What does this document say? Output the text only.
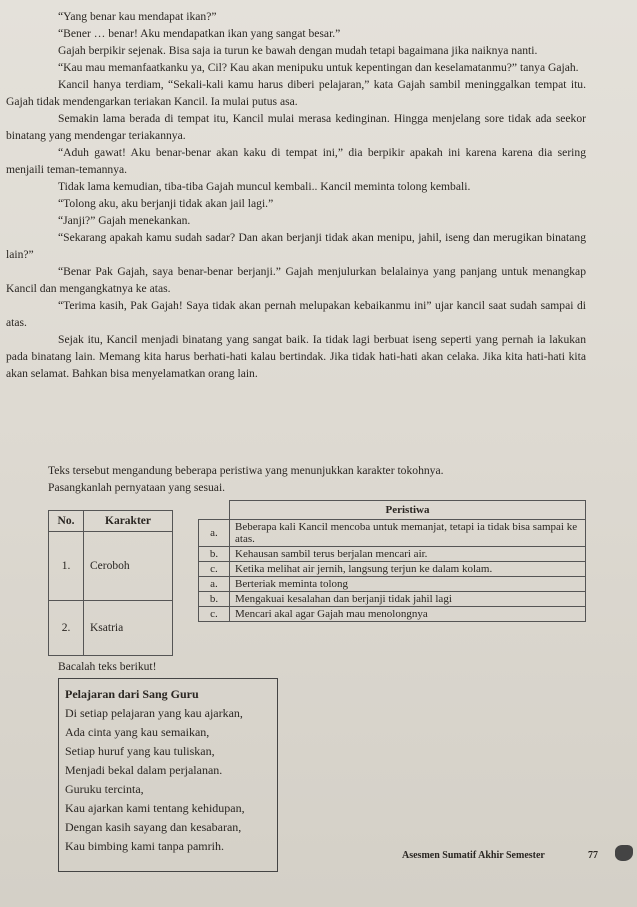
“Yang benar kau mendapat ikan?”

“Bener … benar! Aku mendapatkan ikan yang sangat besar.”

Gajah berpikir sejenak. Bisa saja ia turun ke bawah dengan mudah tetapi bagaimana jika naiknya nanti.

“Kau mau memanfaatkanku ya, Cil? Kau akan menipuku untuk kepentingan dan keselamatanmu?” tanya Gajah.

Kancil hanya terdiam, “Sekali-kali kamu harus diberi pelajaran,” kata Gajah sambil meninggalkan tempat itu. Gajah tidak mendengarkan teriakan Kancil. Ia mulai putus asa.

Semakin lama berada di tempat itu, Kancil mulai merasa kedinginan. Hingga menjelang sore tidak ada seekor binatang yang mendengar teriakannya.

“Aduh gawat! Aku benar-benar akan kaku di tempat ini,” dia berpikir apakah ini karena karena dia sering menjaili teman-temannya.

Tidak lama kemudian, tiba-tiba Gajah muncul kembali.. Kancil meminta tolong kembali.

“Tolong aku, aku berjanji tidak akan jail lagi.”

“Janji?” Gajah menekankan.

“Sekarang apakah kamu sudah sadar? Dan akan berjanji tidak akan menipu, jahil, iseng dan merugikan binatang lain?”

“Benar Pak Gajah, saya benar-benar berjanji.” Gajah menjulurkan belalainya yang panjang untuk menangkap Kancil dan mengangkatnya ke atas.

“Terima kasih, Pak Gajah! Saya tidak akan pernah melupakan kebaikanmu ini” ujar kancil saat sudah sampai di atas.

Sejak itu, Kancil menjadi binatang yang sangat baik. Ia tidak lagi berbuat iseng seperti yang pernah ia lakukan pada binatang lain. Memang kita harus berhati-hati kalau bertindak. Jika tidak hati-hati akan celaka. Jika kita hati-hati kita akan selamat. Bahkan bisa menyelamatkan orang lain.

Teks tersebut mengandung beberapa peristiwa yang menunjukkan karakter tokohnya.
Pasangkanlah pernyataan yang sesuai.
No.	Karakter
1.	Ceroboh
2.	Ksatria
	Peristiwa
a.	Beberapa kali Kancil mencoba untuk memanjat, tetapi ia tidak bisa sampai ke atas.
b.	Kehausan sambil terus berjalan mencari air.
c.	Ketika melihat air jernih, langsung terjun ke dalam kolam.
a.	Berteriak meminta tolong
b.	Mengakuai kesalahan dan berjanji tidak jahil lagi
c.	Mencari akal agar Gajah mau menolongnya
Bacalah teks berikut!

Pelajaran dari Sang Guru

Di setiap pelajaran yang kau ajarkan,

Ada cinta yang kau semaikan,

Setiap huruf yang kau tuliskan,

Menjadi bekal dalam perjalanan.

Guruku tercinta,

Kau ajarkan kami tentang kehidupan,

Dengan kasih sayang dan kesabaran,

Kau bimbing kami tanpa pamrih.

Asesmen Sumatif Akhir Semester	77
